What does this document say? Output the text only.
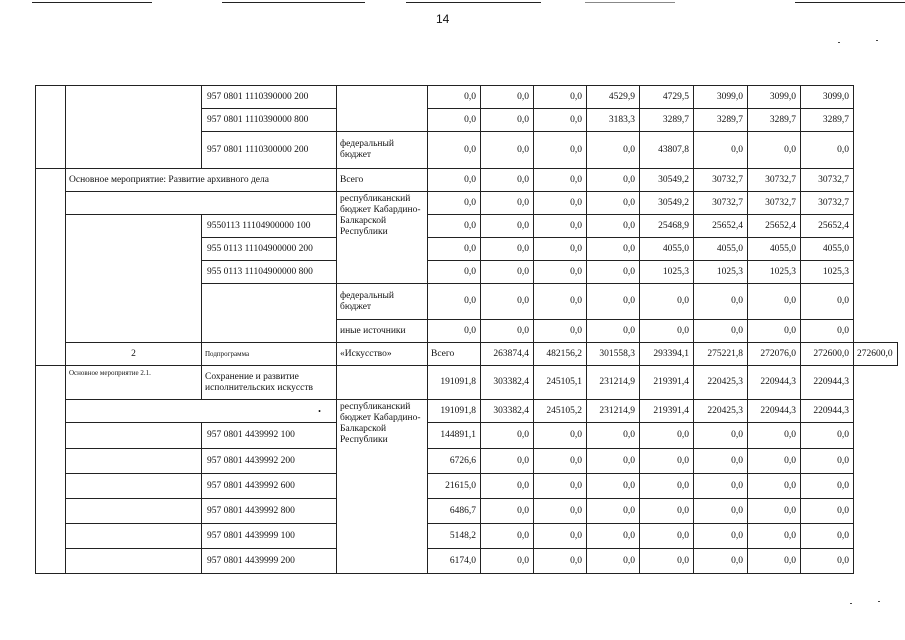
14
		957 0801 1110390000 200		0,0	0,0	0,0	4529,9	4729,5	3099,0	3099,0	3099,0	
		957 0801 1110390000 800		0,0	0,0	0,0	3183,3	3289,7	3289,7	3289,7	3289,7	
		957 0801 1110300000 200	федеральный бюджет	0,0	0,0	0,0	0,0	43807,8	0,0	0,0	0,0	
	Основное мероприятие: Развитие архивного дела		Всего	0,0	0,0	0,0	0,0	30549,2	30732,7	30732,7	30732,7	
			республиканский бюджет Кабардино-Балкарской Республики	0,0	0,0	0,0	0,0	30549,2	30732,7	30732,7	30732,7	
		9550113 11104900000 100		0,0	0,0	0,0	0,0	25468,9	25652,4	25652,4	25652,4	
		955 0113 11104900000 200		0,0	0,0	0,0	0,0	4055,0	4055,0	4055,0	4055,0	
		955 0113 11104900000 800		0,0	0,0	0,0	0,0	1025,3	1025,3	1025,3	1025,3	
			федеральный бюджет	0,0	0,0	0,0	0,0	0,0	0,0	0,0	0,0	
			иные источники	0,0	0,0	0,0	0,0	0,0	0,0	0,0	0,0	
	2	Подпрограмма	«Искусство»	Всего	263874,4	482156,2	301558,3	293394,1	275221,8	272076,0	272600,0	272600,0
	Основное мероприятие 2.1.	Сохранение и развитие исполнительских искусств		191091,8	303382,4	245105,1	231214,9	219391,4	220425,3	220944,3	220944,3	
	•		республиканский бюджет Кабардино-Балкарской Республики	191091,8	303382,4	245105,2	231214,9	219391,4	220425,3	220944,3	220944,3	
		957 0801 4439992 100		144891,1	0,0	0,0	0,0	0,0	0,0	0,0	0,0	
		957 0801 4439992 200		6726,6	0,0	0,0	0,0	0,0	0,0	0,0	0,0	
		957 0801 4439992 600		21615,0	0,0	0,0	0,0	0,0	0,0	0,0	0,0	
		957 0801 4439992 800		6486,7	0,0	0,0	0,0	0,0	0,0	0,0	0,0	
		957 0801 4439999 100		5148,2	0,0	0,0	0,0	0,0	0,0	0,0	0,0	
		957 0801 4439999 200		6174,0	0,0	0,0	0,0	0,0	0,0	0,0	0,0	
